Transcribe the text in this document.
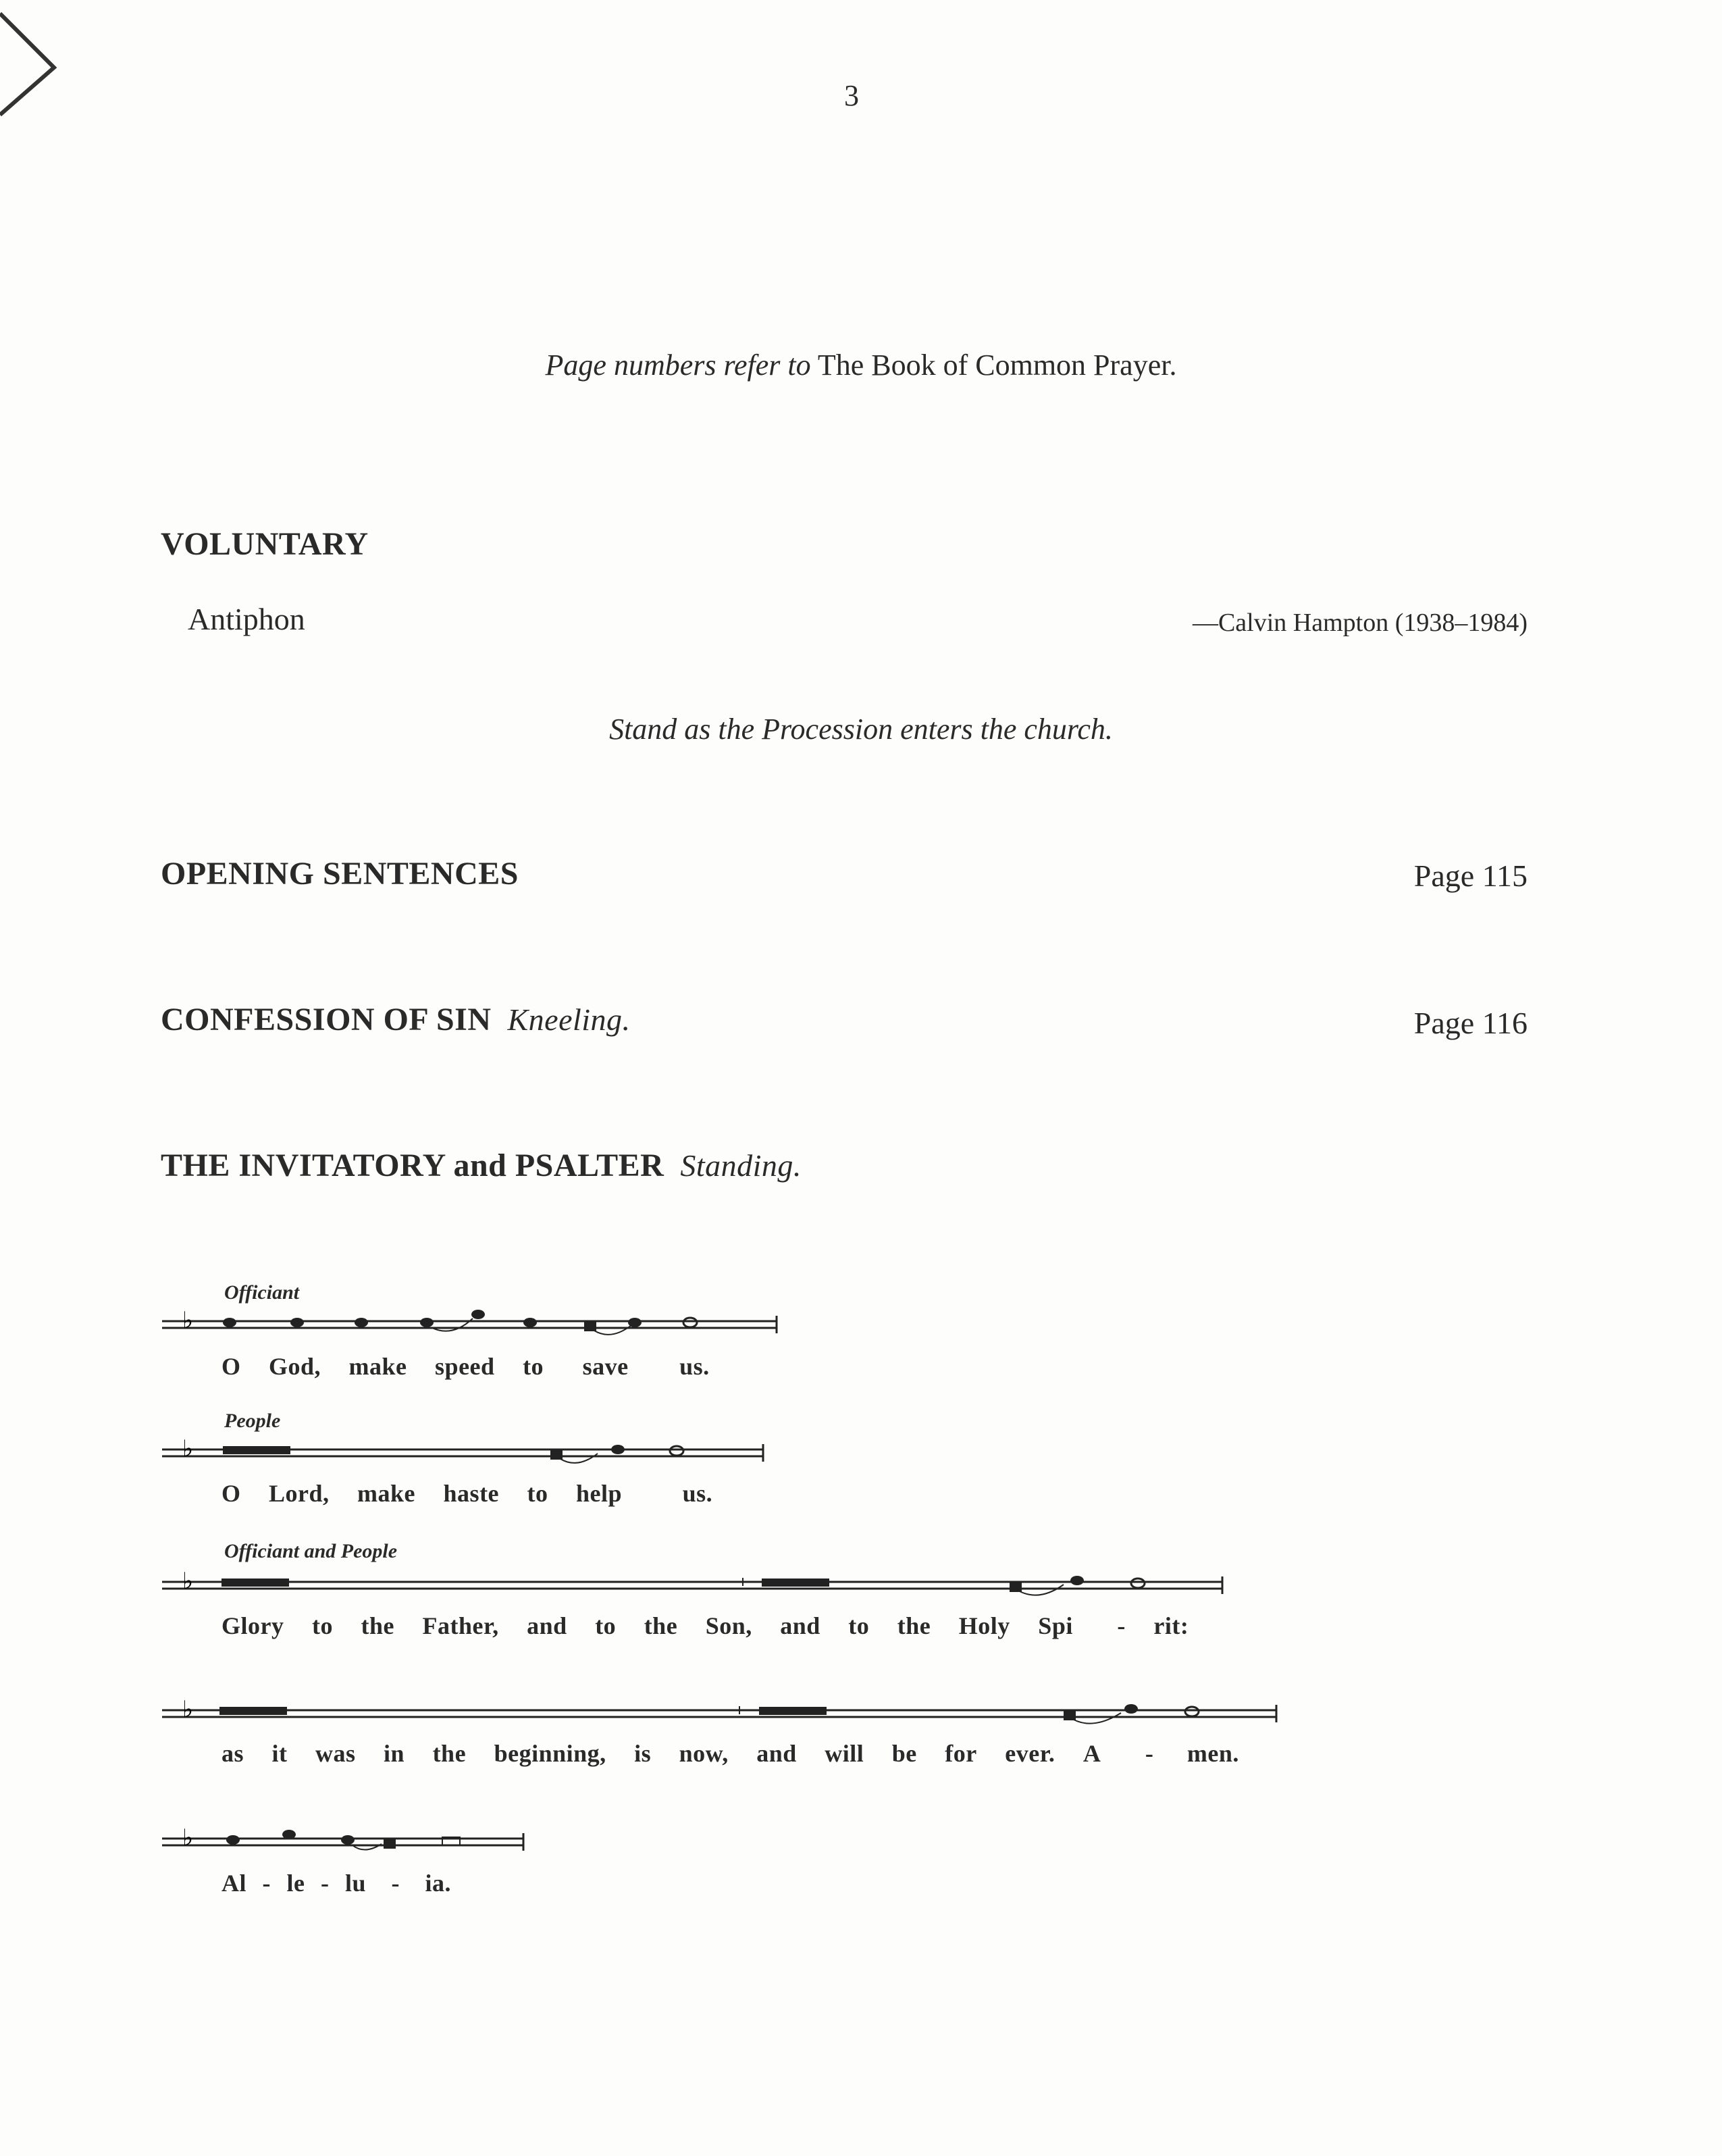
3
Page numbers refer to The Book of Common Prayer.
VOLUNTARY
Antiphon	—Calvin Hampton (1938–1984)
Stand as the Procession enters the church.
OPENING SENTENCES	Page 115
CONFESSION OF SIN Kneeling.	Page 116
THE INVITATORY and PSALTER Standing.
Officiant
♭
O God, make speed to save us.
People
♭
O Lord, make haste to help us.
Officiant and People
♭
Glory to the Father, and to the Son, and to the Holy Spi - rit:
♭
as it was in the beginning, is now, and will be for ever. A - men.
♭
Al - le - lu - ia.
